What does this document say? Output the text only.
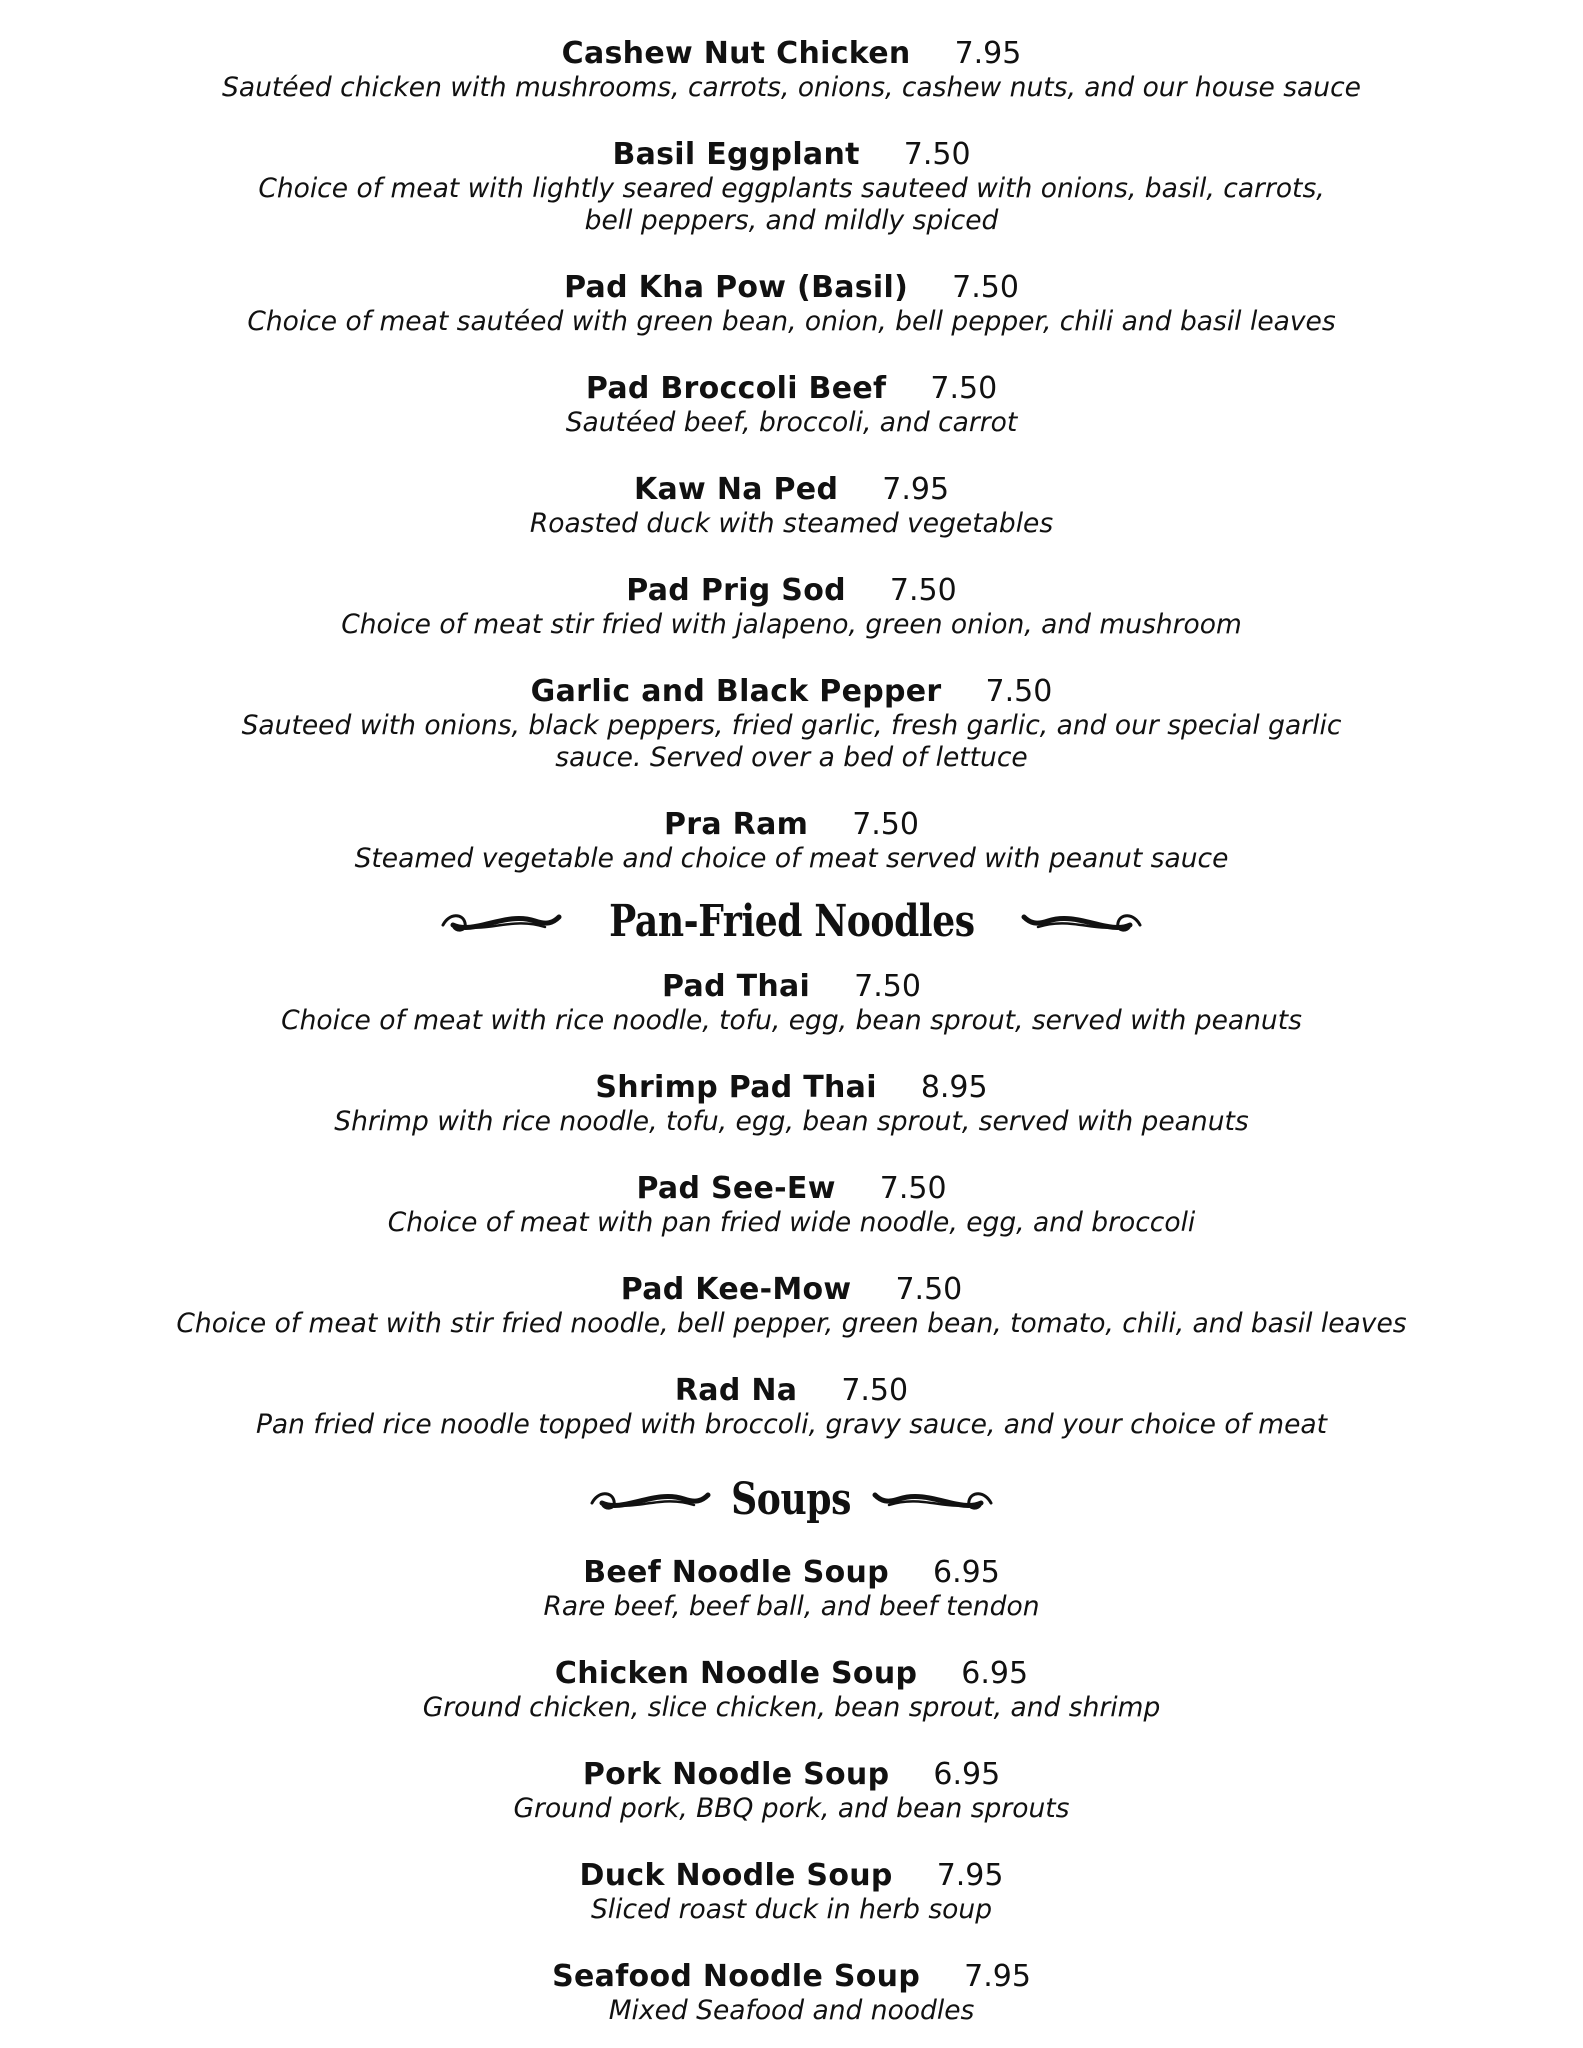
Cashew Nut Chicken 7.95
Sautéed chicken with mushrooms, carrots, onions, cashew nuts, and our house sauce
Basil Eggplant 7.50
Choice of meat with lightly seared eggplants sauteed with onions, basil, carrots,
bell peppers, and mildly spiced
Pad Kha Pow (Basil) 7.50
Choice of meat sautéed with green bean, onion, bell pepper, chili and basil leaves
Pad Broccoli Beef 7.50
Sautéed beef, broccoli, and carrot
Kaw Na Ped 7.95
Roasted duck with steamed vegetables
Pad Prig Sod 7.50
Choice of meat stir fried with jalapeno, green onion, and mushroom
Garlic and Black Pepper 7.50
Sauteed with onions, black peppers, fried garlic, fresh garlic, and our special garlic
sauce. Served over a bed of lettuce
Pra Ram 7.50
Steamed vegetable and choice of meat served with peanut sauce
Pan-Fried Noodles
Pad Thai 7.50
Choice of meat with rice noodle, tofu, egg, bean sprout, served with peanuts
Shrimp Pad Thai 8.95
Shrimp with rice noodle, tofu, egg, bean sprout, served with peanuts
Pad See-Ew 7.50
Choice of meat with pan fried wide noodle, egg, and broccoli
Pad Kee-Mow 7.50
Choice of meat with stir fried noodle, bell pepper, green bean, tomato, chili, and basil leaves
Rad Na 7.50
Pan fried rice noodle topped with broccoli, gravy sauce, and your choice of meat
Soups
Beef Noodle Soup 6.95
Rare beef, beef ball, and beef tendon
Chicken Noodle Soup 6.95
Ground chicken, slice chicken, bean sprout, and shrimp
Pork Noodle Soup 6.95
Ground pork, BBQ pork, and bean sprouts
Duck Noodle Soup 7.95
Sliced roast duck in herb soup
Seafood Noodle Soup 7.95
Mixed Seafood and noodles
